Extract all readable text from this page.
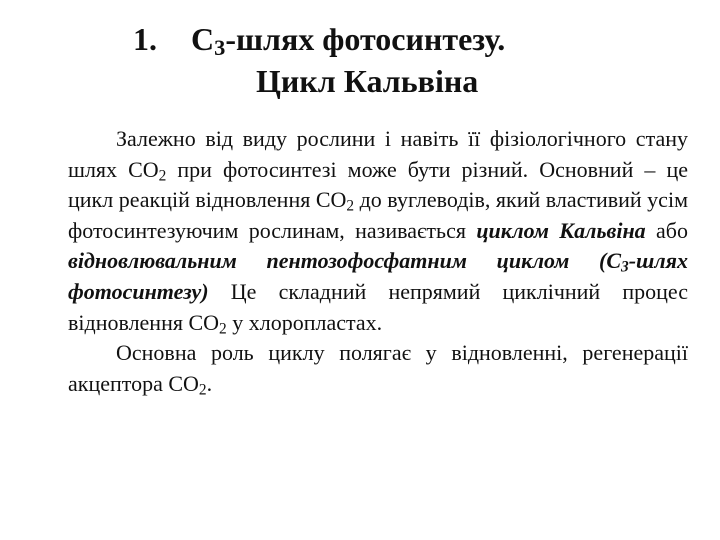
1. $C_3$-шлях фотосинтезу.
Цикл Кальвіна

Залежно від виду рослини і навіть її фізіологічного стану шлях $СО_2$ при фотосинтезі може бути різний. Основний – це цикл реакцій відновлення $СО_2$ до вуглеводів, який властивий усім фотосинтезуючим рослинам, називається циклом Кальвіна або відновлювальним пентозофосфатним циклом ($С_3$-шлях фотосинтезу) Це складний непрямий циклічний процес відновлення $СО_2$ у хлоропластах.

Основна роль циклу полягає у відновленні, регенерації акцептора $СО_2$.
